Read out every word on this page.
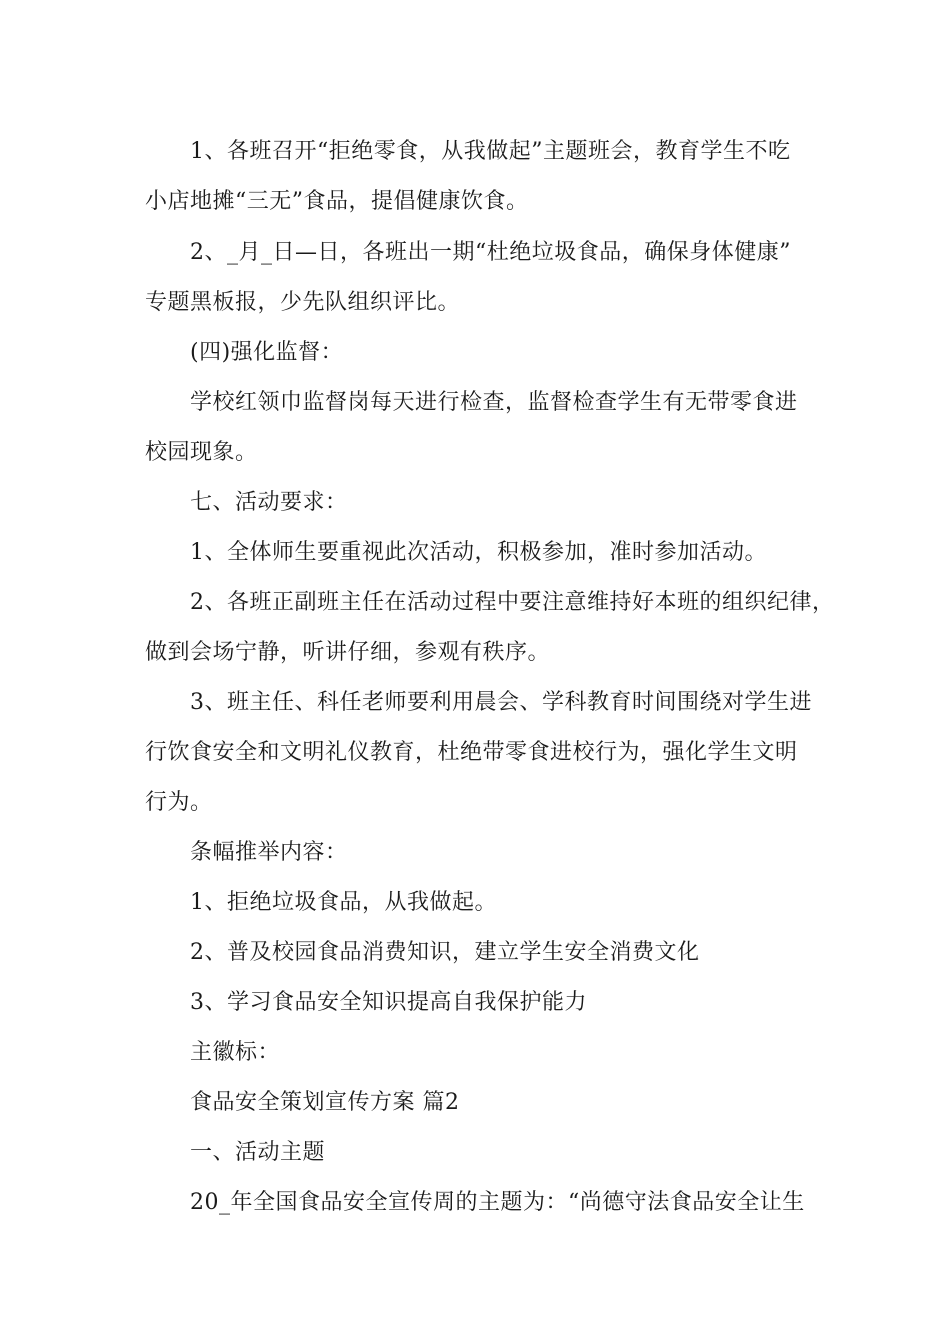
1、各班召开“拒绝零食，从我做起”主题班会，教育学生不吃

小店地摊“三无”食品，提倡健康饮食。

2、_月_日—日，各班出一期“杜绝垃圾食品，确保身体健康”

专题黑板报，少先队组织评比。

(四)强化监督：

学校红领巾监督岗每天进行检查，监督检查学生有无带零食进

校园现象。

七、活动要求：

1、全体师生要重视此次活动，积极参加，准时参加活动。

2、各班正副班主任在活动过程中要注意维持好本班的组织纪律，

做到会场宁静，听讲仔细，参观有秩序。

3、班主任、科任老师要利用晨会、学科教育时间围绕对学生进

行饮食安全和文明礼仪教育，杜绝带零食进校行为，强化学生文明

行为。

条幅推举内容：

1、拒绝垃圾食品，从我做起。

2、普及校园食品消费知识，建立学生安全消费文化

3、学习食品安全知识提高自我保护能力

主徽标：

食品安全策划宣传方案 篇2

一、活动主题

20_年全国食品安全宣传周的主题为：“尚德守法食品安全让生
